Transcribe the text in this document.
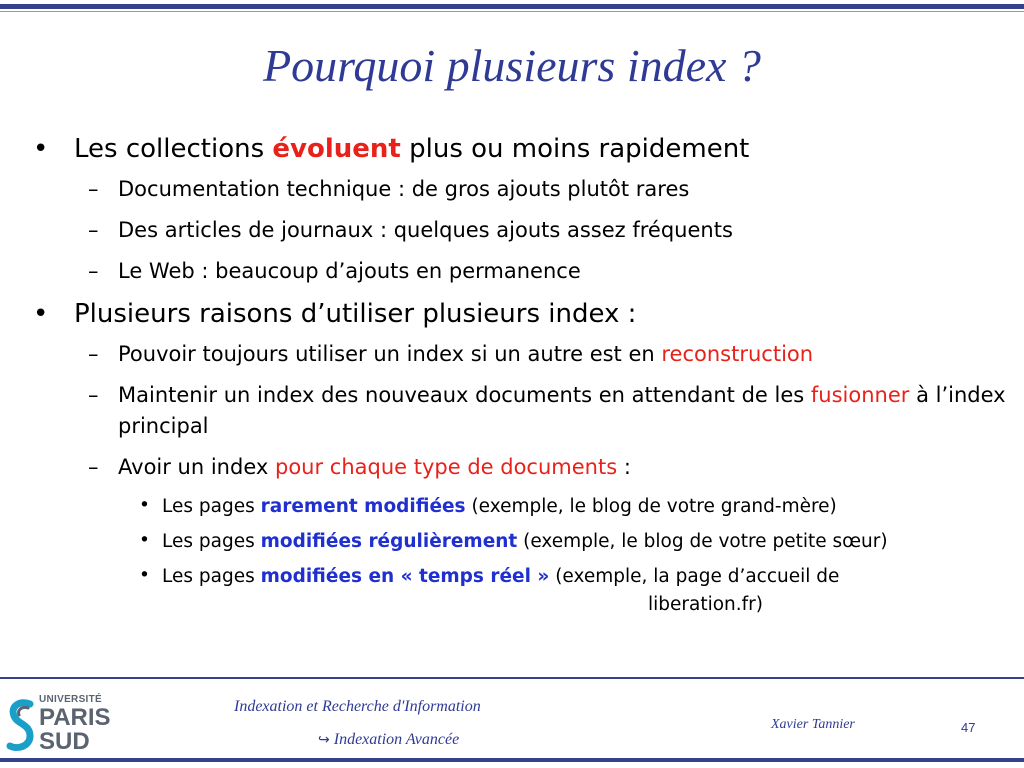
Pourquoi plusieurs index ?
• Les collections évoluent plus ou moins rapidement
– Documentation technique : de gros ajouts plutôt rares
– Des articles de journaux : quelques ajouts assez fréquents
– Le Web : beaucoup d’ajouts en permanence
• Plusieurs raisons d’utiliser plusieurs index :
– Pouvoir toujours utiliser un index si un autre est en reconstruction
– Maintenir un index des nouveaux documents en attendant de les fusionner à l’index principal
– Avoir un index pour chaque type de documents :
• Les pages rarement modifiées (exemple, le blog de votre grand-mère)
• Les pages modifiées régulièrement (exemple, le blog de votre petite sœur)
• Les pages modifiées en « temps réel » (exemple, la page d’accueil de
liberation.fr)
UNIVERSITÉ
PARIS
SUD
Indexation et Recherche d'Information
↪ Indexation Avancée
Xavier Tannier	47
